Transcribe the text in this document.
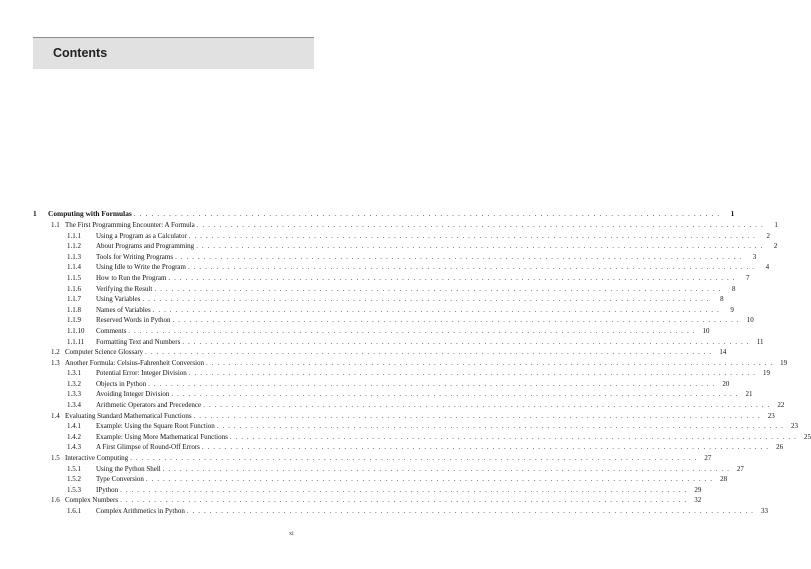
Contents
1	Computing with Formulas . . .	1
1.1 The First Programming Encounter: A Formula . . .	1
1.1.1	Using a Program as a Calculator . . .	2
1.1.2	About Programs and Programming . . .	2
1.1.3	Tools for Writing Programs . . .	3
1.1.4	Using Idle to Write the Program . . .	4
1.1.5	How to Run the Program . . .	7
1.1.6	Verifying the Result . . .	8
1.1.7	Using Variables . . .	8
1.1.8	Names of Variables . . .	9
1.1.9	Reserved Words in Python . . .	10
1.1.10	Comments . . .	10
1.1.11	Formatting Text and Numbers . . .	11
1.2 Computer Science Glossary . . .	14
1.3 Another Formula: Celsius-Fahrenheit Conversion . . .	19
1.3.1	Potential Error: Integer Division . . .	19
1.3.2	Objects in Python . . .	20
1.3.3	Avoiding Integer Division . . .	21
1.3.4	Arithmetic Operators and Precedence . . .	22
1.4 Evaluating Standard Mathematical Functions . . .	23
1.4.1	Example: Using the Square Root Function . . .	23
1.4.2	Example: Using More Mathematical Functions . . .	25
1.4.3	A First Glimpse of Round-Off Errors . . .	26
1.5 Interactive Computing . . .	27
1.5.1	Using the Python Shell . . .	27
1.5.2	Type Conversion . . .	28
1.5.3	IPython . . .	29
1.6 Complex Numbers . . .	32
1.6.1	Complex Arithmetics in Python . . .	33
xi
